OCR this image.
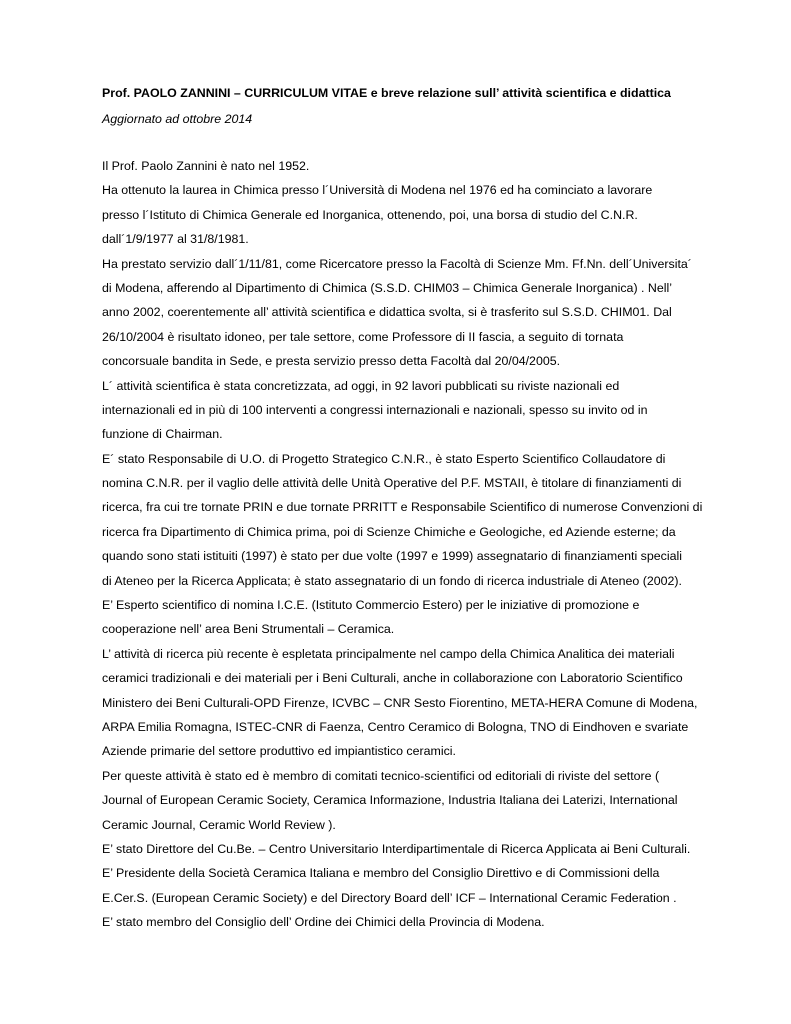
Prof. PAOLO ZANNINI – CURRICULUM VITAE e breve relazione sull’ attività scientifica e didattica
Aggiornato ad ottobre 2014
Il Prof. Paolo Zannini è nato nel 1952.
Ha ottenuto la laurea in Chimica presso l´Università di Modena nel 1976 ed ha cominciato a lavorare
presso l´Istituto di Chimica Generale ed Inorganica, ottenendo, poi, una borsa di studio del C.N.R.
dall´1/9/1977 al 31/8/1981.
Ha prestato servizio dall´1/11/81, come Ricercatore presso la Facoltà di Scienze Mm. Ff.Nn. dell´Universita´
di Modena, afferendo al Dipartimento di Chimica (S.S.D. CHIM03 – Chimica Generale Inorganica) . Nell’
anno 2002, coerentemente all’ attività scientifica e didattica svolta, si è trasferito sul S.S.D. CHIM01. Dal
26/10/2004 è risultato idoneo, per tale settore, come Professore di II fascia, a seguito di tornata
concorsuale bandita in Sede, e presta servizio presso detta Facoltà dal 20/04/2005.
L´ attività scientifica è stata concretizzata, ad oggi, in 92 lavori pubblicati su riviste nazionali ed
internazionali ed in più di 100 interventi a congressi internazionali e nazionali, spesso su invito od in
funzione di Chairman.
E´ stato Responsabile di U.O. di Progetto Strategico C.N.R., è stato Esperto Scientifico Collaudatore di
nomina C.N.R. per il vaglio delle attività delle Unità Operative del P.F. MSTAII, è titolare di finanziamenti di
ricerca, fra cui tre tornate PRIN e due tornate PRRITT e Responsabile Scientifico di numerose Convenzioni di
ricerca fra Dipartimento di Chimica prima, poi di Scienze Chimiche e Geologiche, ed Aziende esterne; da
quando sono stati istituiti (1997) è stato per due volte (1997 e 1999) assegnatario di finanziamenti speciali
di Ateneo per la Ricerca Applicata; è stato assegnatario di un fondo di ricerca industriale di Ateneo (2002).
E’ Esperto scientifico di nomina I.C.E. (Istituto Commercio Estero) per le iniziative di promozione e
cooperazione nell’ area Beni Strumentali – Ceramica.
L’ attività di ricerca più recente è espletata principalmente nel campo della Chimica Analitica dei materiali
ceramici tradizionali e dei materiali per i Beni Culturali, anche in collaborazione con Laboratorio Scientifico
Ministero dei Beni Culturali-OPD Firenze, ICVBC – CNR Sesto Fiorentino, META-HERA Comune di Modena,
ARPA Emilia Romagna, ISTEC-CNR di Faenza, Centro Ceramico di Bologna, TNO di Eindhoven e svariate
Aziende primarie del settore produttivo ed impiantistico ceramici.
Per queste attività è stato ed è membro di comitati tecnico-scientifici od editoriali di riviste del settore (
Journal of European Ceramic Society, Ceramica Informazione, Industria Italiana dei Laterizi, International
Ceramic Journal, Ceramic World Review ).
E’ stato Direttore del Cu.Be. – Centro Universitario Interdipartimentale di Ricerca Applicata ai Beni Culturali.
E’ Presidente della Società Ceramica Italiana e membro del Consiglio Direttivo e di Commissioni della
E.Cer.S. (European Ceramic Society) e del Directory Board dell’ ICF – International Ceramic Federation .
E’ stato membro del Consiglio dell’ Ordine dei Chimici della Provincia di Modena.
